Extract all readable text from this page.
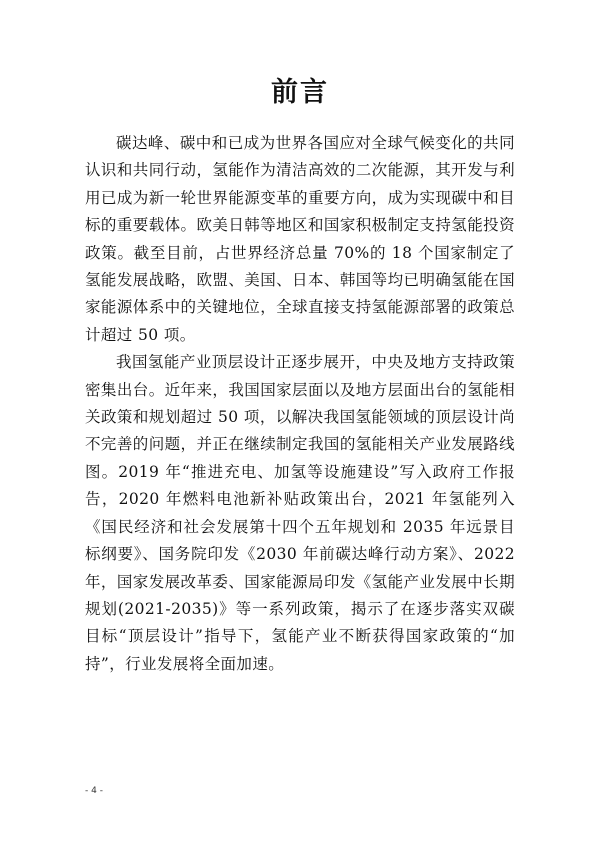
前言

碳达峰、碳中和已成为世界各国应对全球气候变化的共同认识和共同行动，氢能作为清洁高效的二次能源，其开发与利用已成为新一轮世界能源变革的重要方向，成为实现碳中和目标的重要载体。欧美日韩等地区和国家积极制定支持氢能投资政策。截至目前，占世界经济总量 70%的 18 个国家制定了氢能发展战略，欧盟、美国、日本、韩国等均已明确氢能在国家能源体系中的关键地位，全球直接支持氢能源部署的政策总计超过 50 项。

我国氢能产业顶层设计正逐步展开，中央及地方支持政策密集出台。近年来，我国国家层面以及地方层面出台的氢能相关政策和规划超过 50 项，以解决我国氢能领域的顶层设计尚不完善的问题，并正在继续制定我国的氢能相关产业发展路线图。2019 年“推进充电、加氢等设施建设”写入政府工作报告，2020 年燃料电池新补贴政策出台，2021 年氢能列入《国民经济和社会发展第十四个五年规划和 2035 年远景目标纲要》、国务院印发《2030 年前碳达峰行动方案》、2022 年，国家发展改革委、国家能源局印发《氢能产业发展中长期规划(2021-2035)》等一系列政策，揭示了在逐步落实双碳目标“顶层设计”指导下，氢能产业不断获得国家政策的“加持”，行业发展将全面加速。

- 4 -
